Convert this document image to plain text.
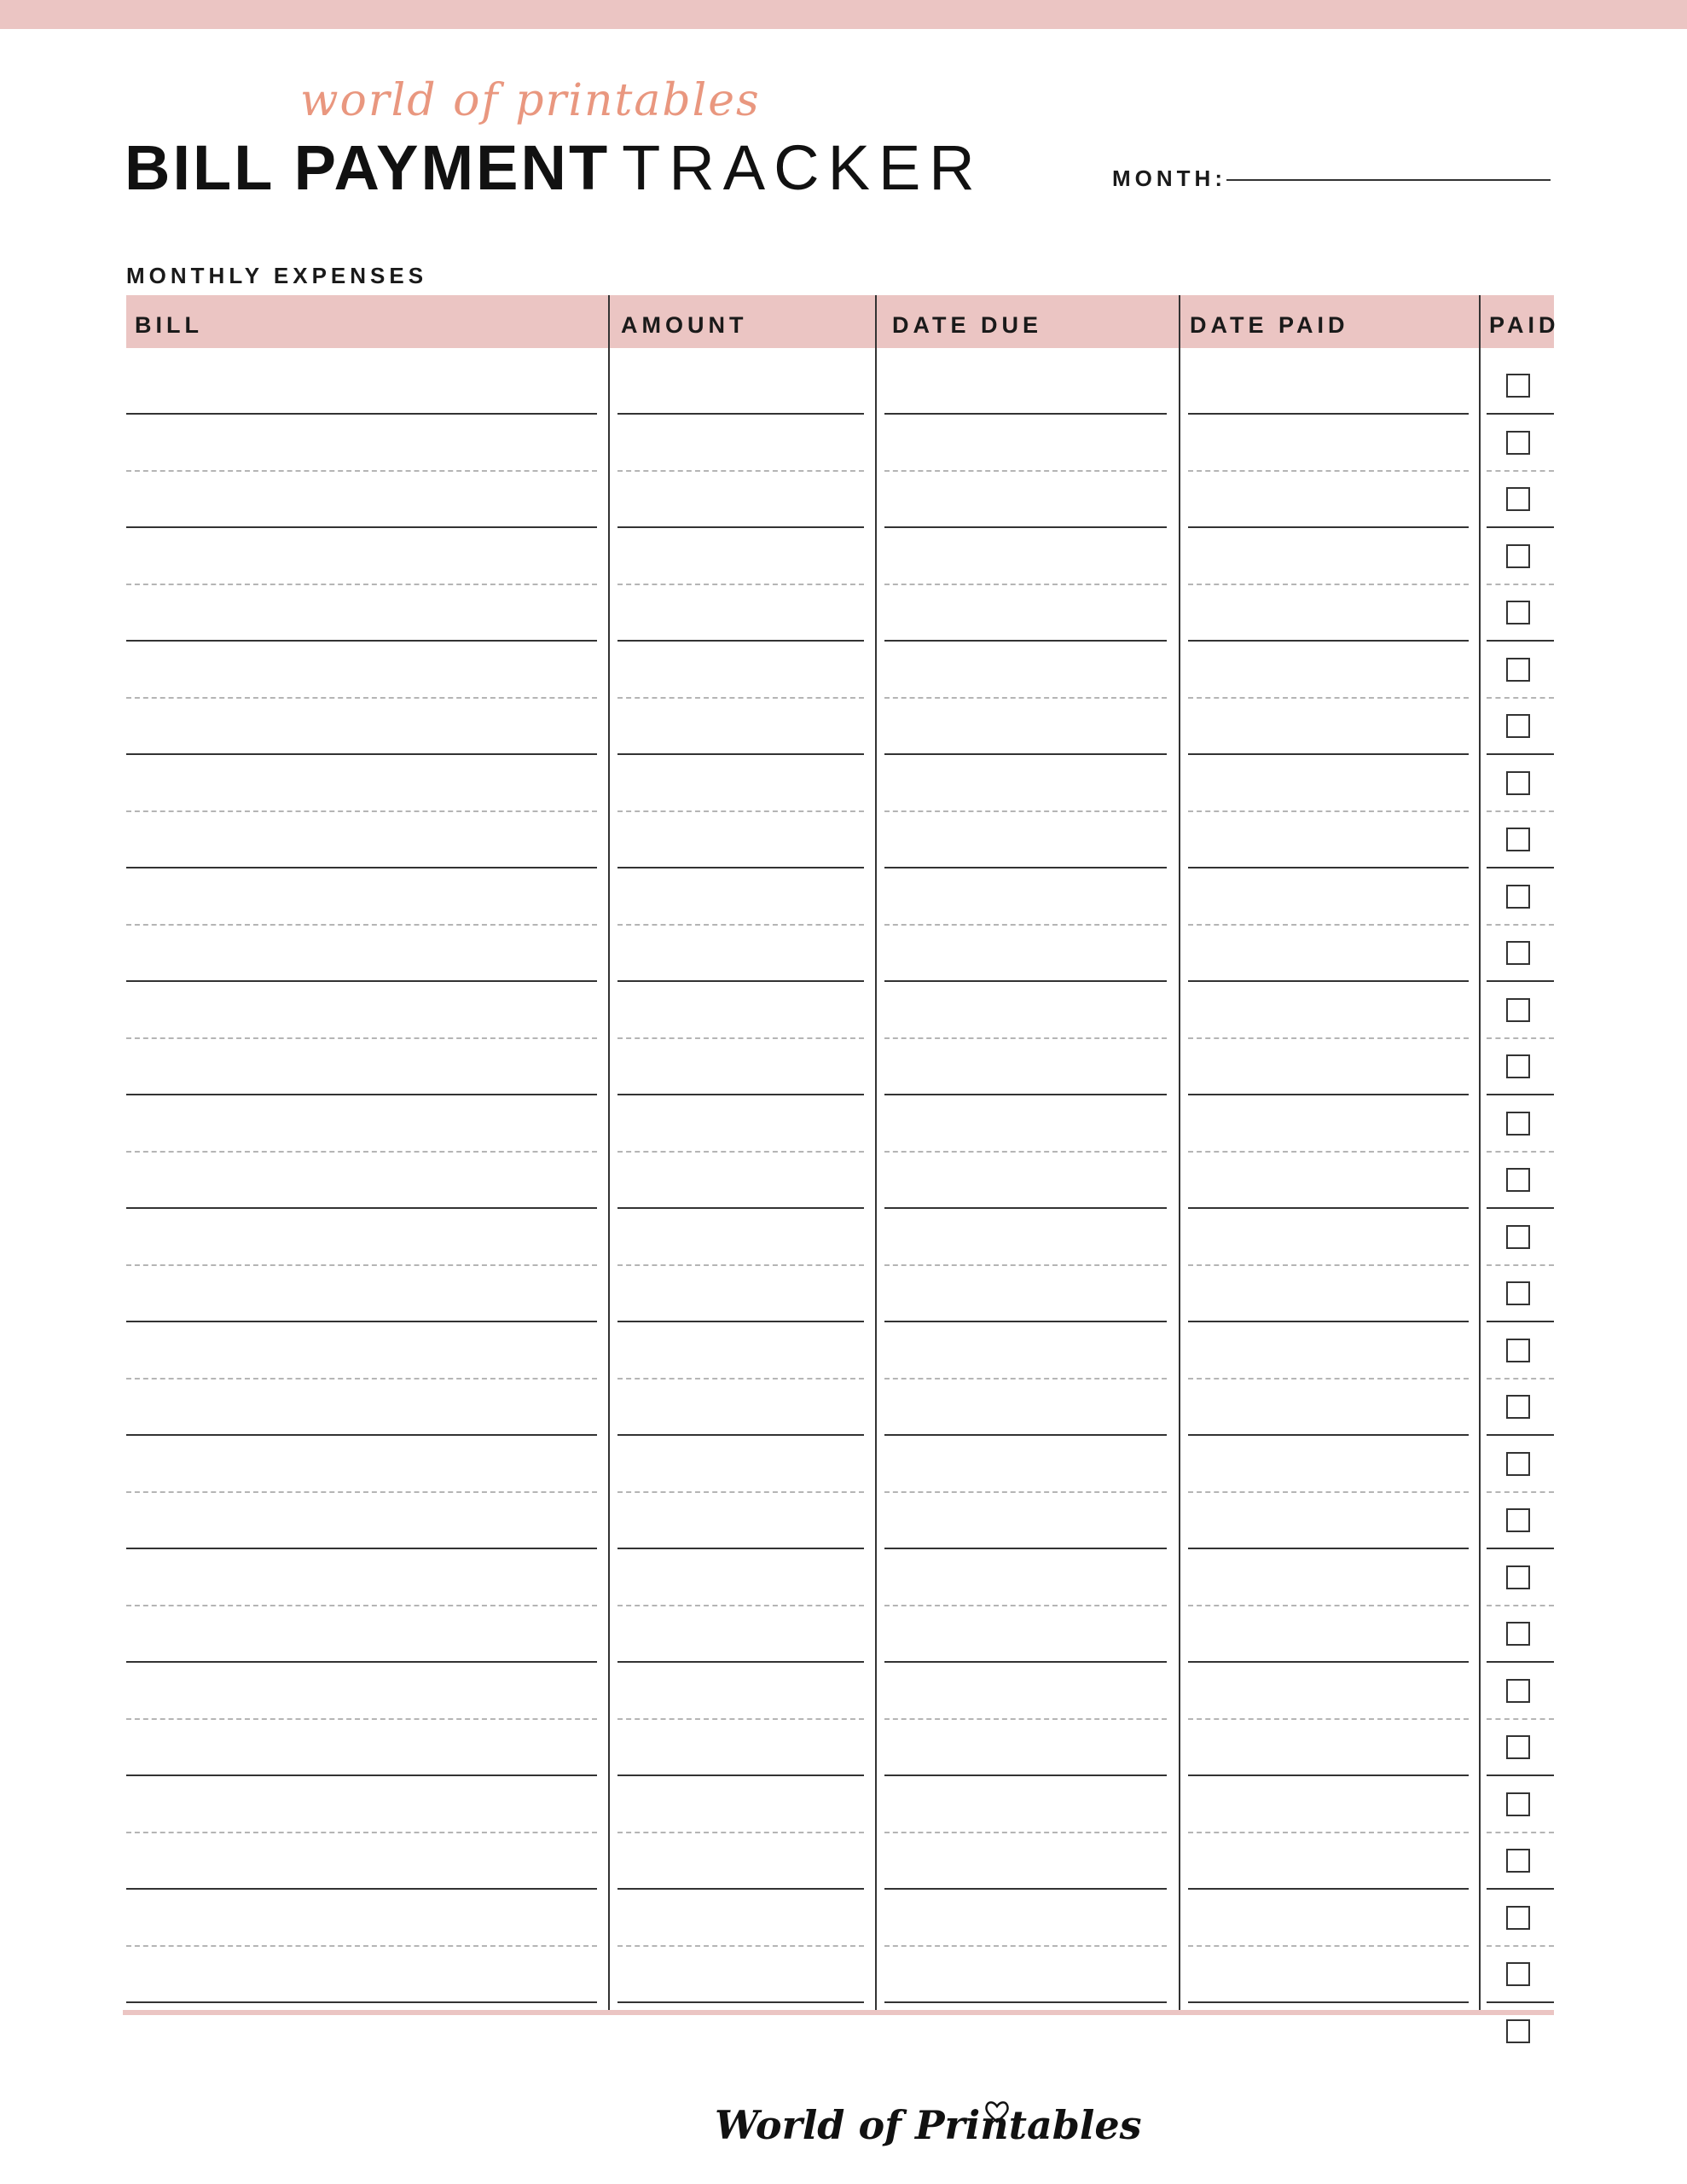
world of printables
BILL PAYMENT TRACKER	MONTH:
MONTHLY EXPENSES
BILL	AMOUNT	DATE DUE	DATE PAID	PAID
World of Printables
